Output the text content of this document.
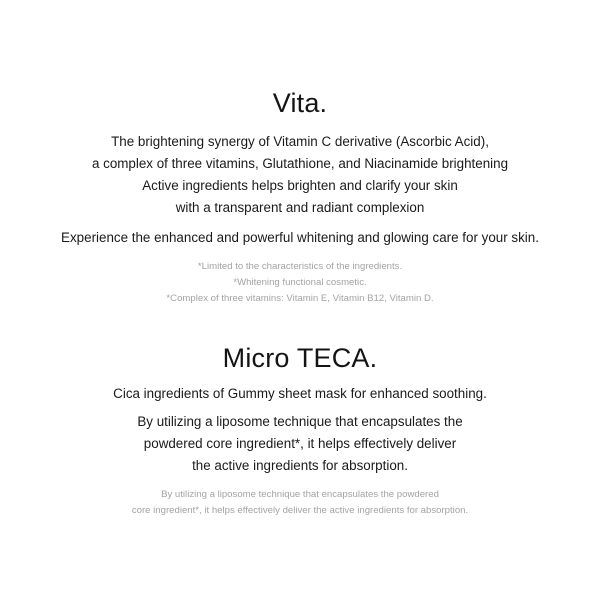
Vita.

The brightening synergy of Vitamin C derivative (Ascorbic Acid),
a complex of three vitamins, Glutathione, and Niacinamide brightening
Active ingredients helps brighten and clarify your skin
with a transparent and radiant complexion

Experience the enhanced and powerful whitening and glowing care for your skin.

*Limited to the characteristics of the ingredients.
*Whitening functional cosmetic.
*Complex of three vitamins: Vitamin E, Vitamin B12, Vitamin D.

Micro TECA.

Cica ingredients of Gummy sheet mask for enhanced soothing.

By utilizing a liposome technique that encapsulates the
powdered core ingredient*, it helps effectively deliver
the active ingredients for absorption.

By utilizing a liposome technique that encapsulates the powdered
core ingredient*, it helps effectively deliver the active ingredients for absorption.
